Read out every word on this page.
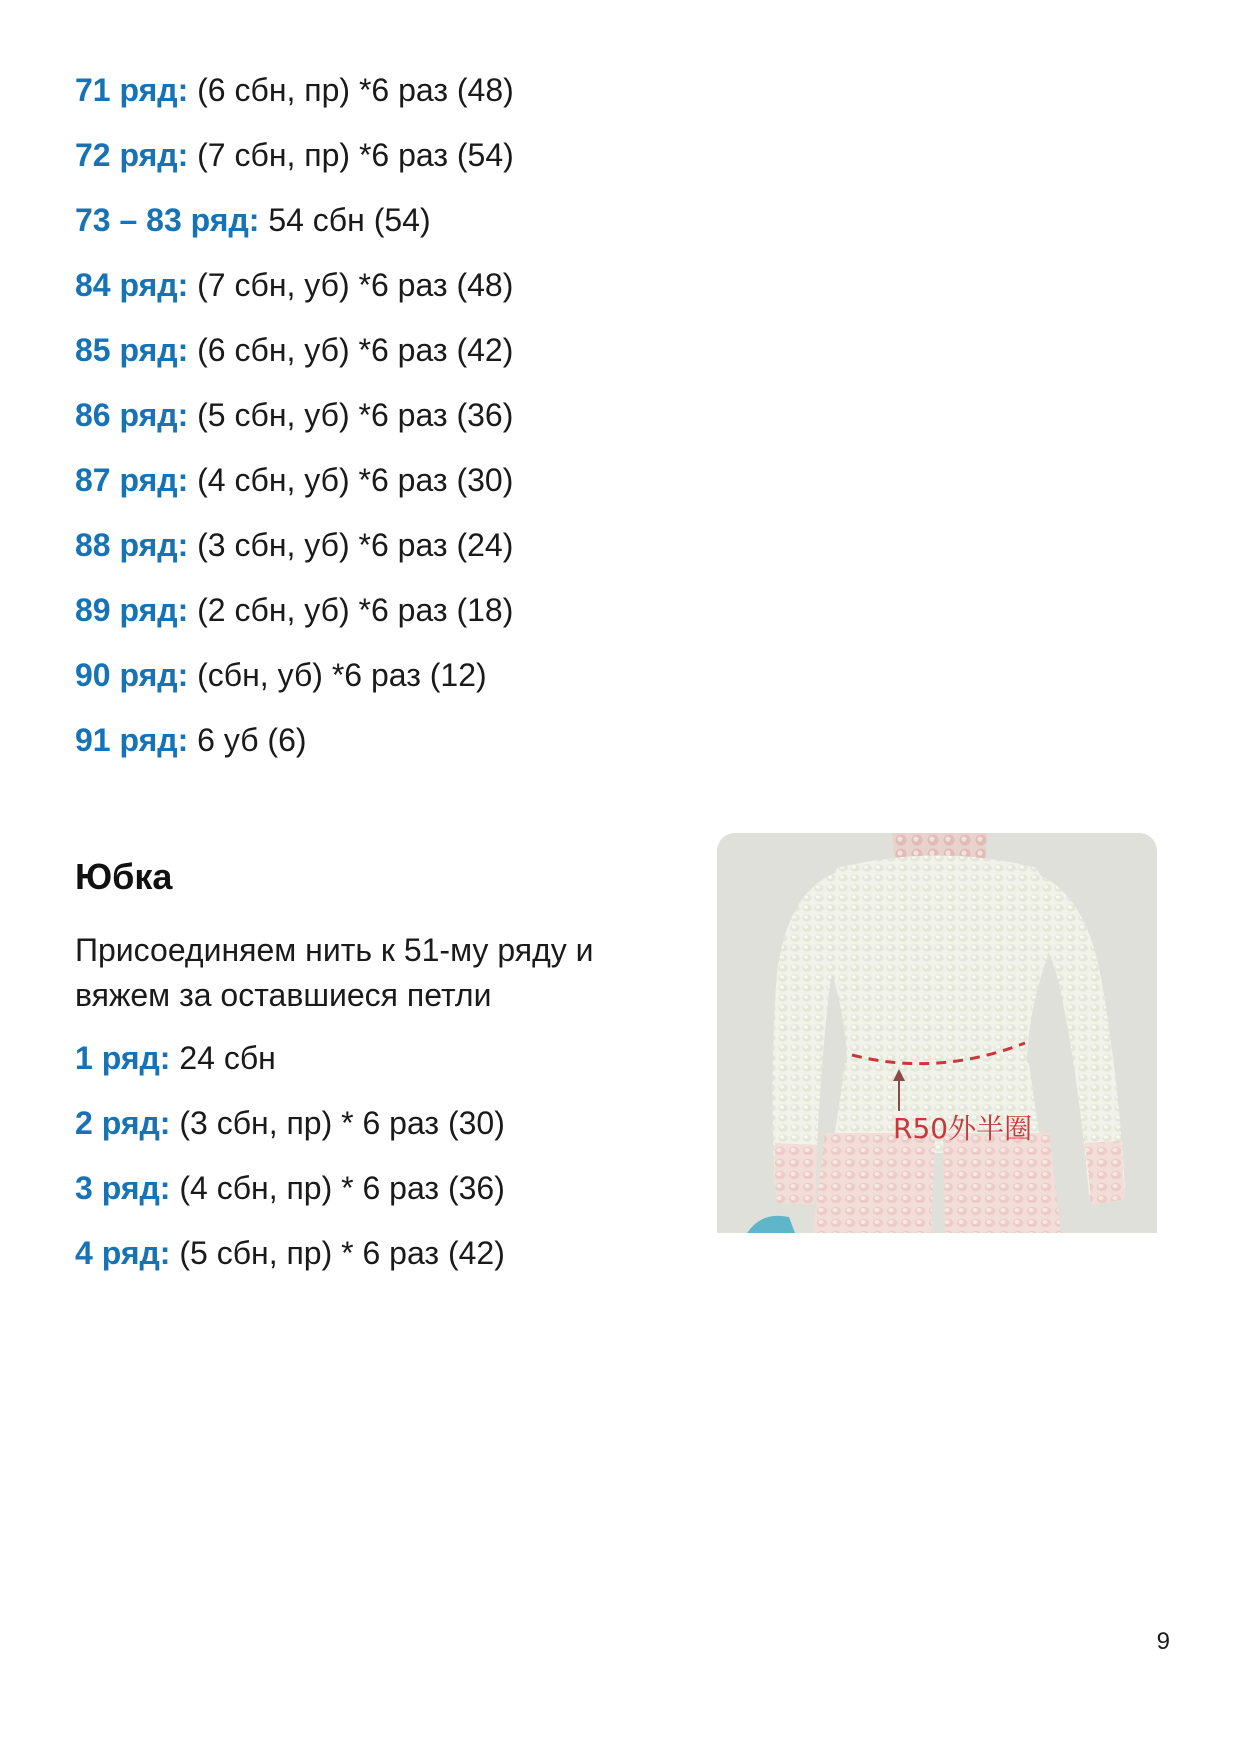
71 ряд: (6 сбн, пр) *6 раз (48)
72 ряд: (7 сбн, пр) *6 раз (54)
73 – 83 ряд: 54 сбн (54)
84 ряд: (7 сбн, уб) *6 раз (48)
85 ряд: (6 сбн, уб) *6 раз (42)
86 ряд: (5 сбн, уб) *6 раз (36)
87 ряд: (4 сбн, уб) *6 раз (30)
88 ряд: (3 сбн, уб) *6 раз (24)
89 ряд: (2 сбн, уб) *6 раз (18)
90 ряд: (сбн, уб) *6 раз (12)
91 ряд: 6 уб (6)
Юбка
Присоединяем нить к 51-му ряду и
вяжем за оставшиеся петли
1 ряд: 24 сбн
2 ряд: (3 сбн, пр) * 6 раз (30)
3 ряд: (4 сбн, пр) * 6 раз (36)
4 ряд: (5 сбн, пр) * 6 раз (42)
R50外半圈
9
